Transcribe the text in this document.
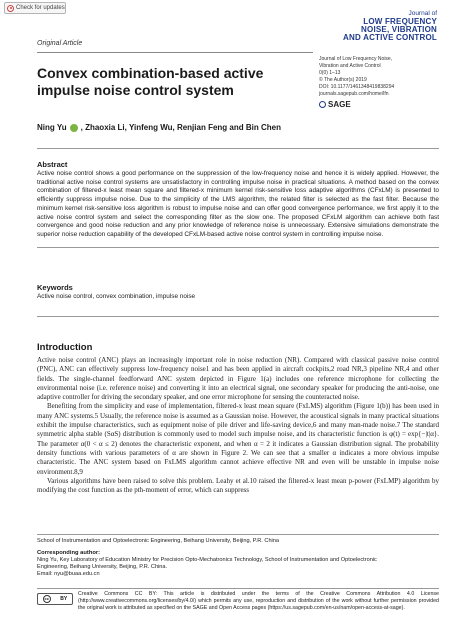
Check for updates
Journal of
LOW FREQUENCY
NOISE, VIBRATION
AND ACTIVE CONTROL
Original Article
Journal of Low Frequency Noise,
Vibration and Active Control
0(0) 1–13
© The Author(s) 2019
DOI: 10.1177/1461348419838294
journals.sagepub.com/home/lfn
SAGE
Convex combination-based active impulse noise control system
Ning Yu , Zhaoxia Li, Yinfeng Wu, Renjian Feng and Bin Chen
Abstract
Active noise control shows a good performance on the suppression of the low-frequency noise and hence it is widely applied. However, the traditional active noise control systems are unsatisfactory in controlling impulse noise in practical situations. A method based on the convex combination of filtered-x least mean square and filtered-x minimum kernel risk-sensitive loss adaptive algorithms (CFxLM) is presented to efficiently suppress impulse noise. Due to the simplicity of the LMS algorithm, the related filter is selected as the fast filter. Because the minimum kernel risk-sensitive loss algorithm is robust to impulse noise and can offer good convergence performance, we first apply it to the active noise control system and select the corresponding filter as the slow one. The proposed CFxLM algorithm can achieve both fast convergence and good noise reduction and any prior knowledge of reference noise is unnecessary. Extensive simulations demonstrate the superior noise reduction capability of the developed CFxLM-based active noise control system in controlling impulse noise.
Keywords
Active noise control, convex combination, impulse noise
Introduction

Active noise control (ANC) plays an increasingly important role in noise reduction (NR). Compared with classical passive noise control (PNC), ANC can effectively suppress low-frequency noise1 and has been applied in aircraft cockpits,2 road NR,3 pipeline NR,4 and other fields. The single-channel feedforward ANC system depicted in Figure 1(a) includes one reference microphone for collecting the environmental noise (i.e. reference noise) and converting it into an electrical signal, one secondary speaker for producing the anti-noise, one adaptive controller for driving the secondary speaker, and one error microphone for sensing the counteracted noise.

Benefiting from the simplicity and ease of implementation, filtered-x least mean square (FxLMS) algorithm (Figure 1(b)) has been used in many ANC systems.5 Usually, the reference noise is assumed as a Gaussian noise. However, the acoustical signals in many practical situations exhibit the impulse characteristics, such as equipment noise of pile driver and life-saving device,6 and many man-made noise.7 The standard symmetric alpha stable (SαS) distribution is commonly used to model such impulse noise, and its characteristic function is φ(t) = exp{−|t|α}. The parameter α(0 < α ≤ 2) denotes the characteristic exponent, and when α = 2 it indicates a Gaussian distribution signal. The probability density functions with various parameters of α are shown in Figure 2. We can see that a smaller α indicates a more obvious impulse characteristic. The ANC system based on FxLMS algorithm cannot achieve effective NR and even will be unstable in impulse noise environment.8,9

Various algorithms have been raised to solve this problem. Leahy et al.10 raised the filtered-x least mean p-power (FxLMP) algorithm by modifying the cost function as the pth-moment of error, which can suppress

School of Instrumentation and Optoelectronic Engineering, Beihang University, Beijing, P.R. China
Corresponding author:
Ning Yu, Key Laboratory of Education Ministry for Precision Opto-Mechatronics Technology, School of Instrumentation and Optoelectronic
Engineering, Beihang University, Beijing, P.R. China.
Email: nyu@buaa.edu.cn
cc	BY
Creative Commons CC BY: This article is distributed under the terms of the Creative Commons Attribution 4.0 License (http://www.creativecommons.org/licenses/by/4.0/) which permits any use, reproduction and distribution of the work without further permission provided the original work is attributed as specified on the SAGE and Open Access pages (https://us.sagepub.com/en-us/nam/open-access-at-sage).
